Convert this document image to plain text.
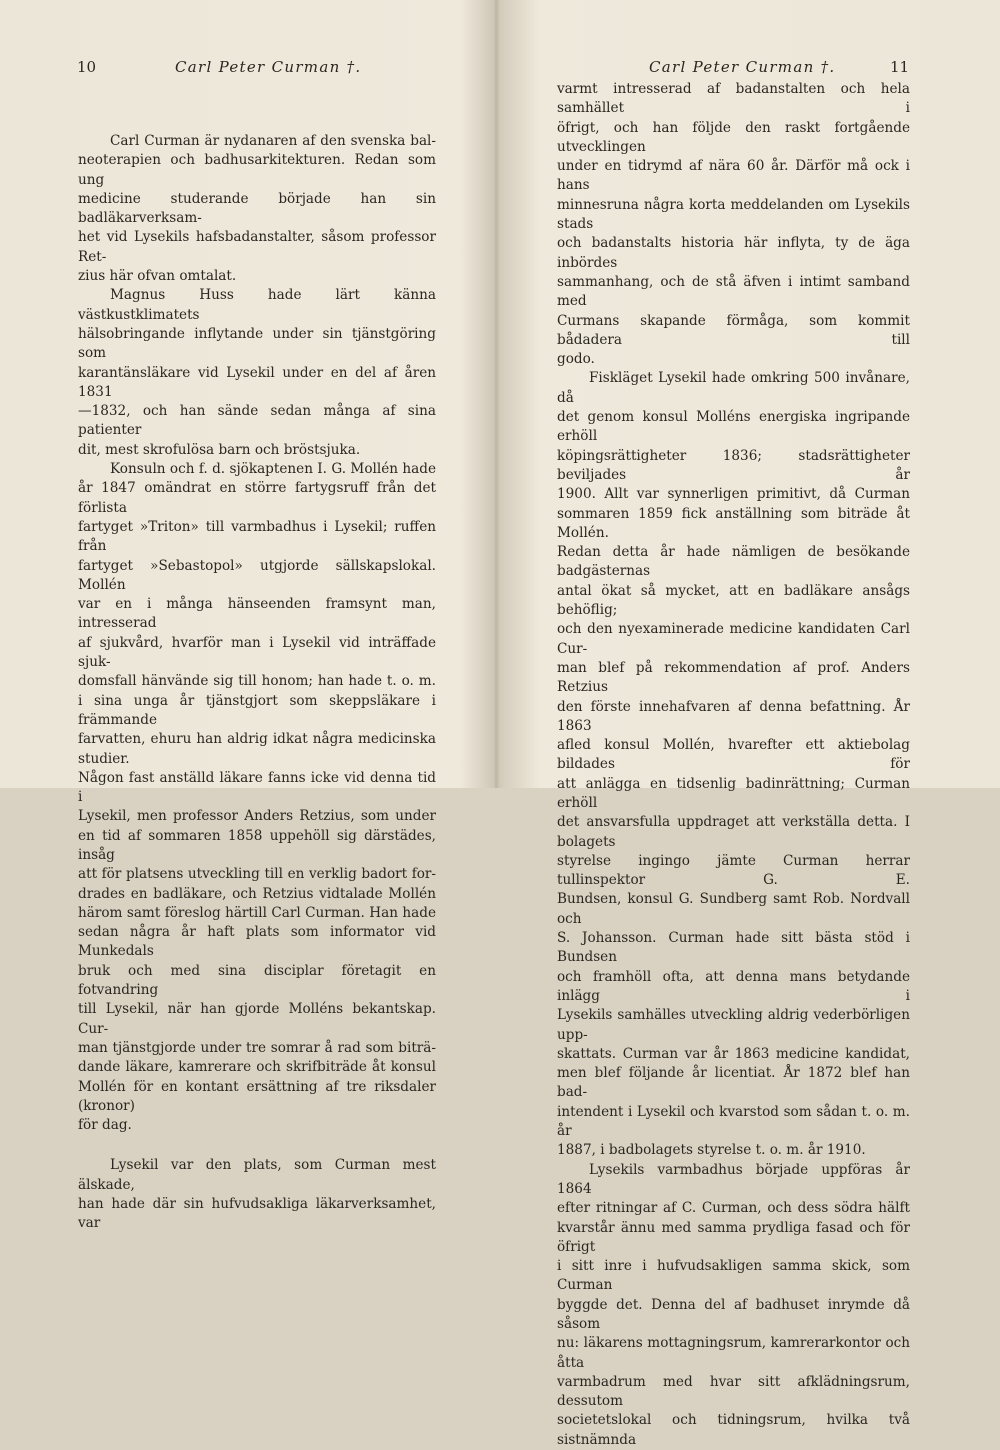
10	Carl Peter Curman †.
Carl Curman är nydanaren af den svenska bal-
neoterapien och badhusarkitekturen. Redan som ung
medicine studerande började han sin badläkarverksam-
het vid Lysekils hafsbadanstalter, såsom professor Ret-
zius här ofvan omtalat.
Magnus Huss hade lärt känna västkustklimatets
hälsobringande inflytande under sin tjänstgöring som
karantänsläkare vid Lysekil under en del af åren 1831
—1832, och han sände sedan många af sina patienter
dit, mest skrofulösa barn och bröstsjuka.
Konsuln och f. d. sjökaptenen I. G. Mollén hade
år 1847 omändrat en större fartygsruff från det förlista
fartyget »Triton» till varmbadhus i Lysekil; ruffen från
fartyget »Sebastopol» utgjorde sällskapslokal. Mollén
var en i många hänseenden framsynt man, intresserad
af sjukvård, hvarför man i Lysekil vid inträffade sjuk-
domsfall hänvände sig till honom; han hade t. o. m.
i sina unga år tjänstgjort som skeppsläkare i främmande
farvatten, ehuru han aldrig idkat några medicinska studier.
Någon fast anställd läkare fanns icke vid denna tid i
Lysekil, men professor Anders Retzius, som under
en tid af sommaren 1858 uppehöll sig därstädes, insåg
att för platsens utveckling till en verklig badort for-
drades en badläkare, och Retzius vidtalade Mollén
härom samt föreslog härtill Carl Curman. Han hade
sedan några år haft plats som informator vid Munkedals
bruk och med sina disciplar företagit en fotvandring
till Lysekil, när han gjorde Molléns bekantskap. Cur-
man tjänstgjorde under tre somrar å rad som biträ-
dande läkare, kamrerare och skrifbiträde åt konsul
Mollén för en kontant ersättning af tre riksdaler (kronor)
för dag.
Lysekil var den plats, som Curman mest älskade,
han hade där sin hufvudsakliga läkarverksamhet, var
Carl Peter Curman †.	11
varmt intresserad af badanstalten och hela samhället i
öfrigt, och han följde den raskt fortgående utvecklingen
under en tidrymd af nära 60 år. Därför må ock i hans
minnesruna några korta meddelanden om Lysekils stads
och badanstalts historia här inflyta, ty de äga inbördes
sammanhang, och de stå äfven i intimt samband med
Curmans skapande förmåga, som kommit bådadera till
godo.
Fiskläget Lysekil hade omkring 500 invånare, då
det genom konsul Molléns energiska ingripande erhöll
köpingsrättigheter 1836; stadsrättigheter beviljades år
1900. Allt var synnerligen primitivt, då Curman
sommaren 1859 fick anställning som biträde åt Mollén.
Redan detta år hade nämligen de besökande badgästernas
antal ökat så mycket, att en badläkare ansågs behöflig;
och den nyexaminerade medicine kandidaten Carl Cur-
man blef på rekommendation af prof. Anders Retzius
den förste innehafvaren af denna befattning. År 1863
afled konsul Mollén, hvarefter ett aktiebolag bildades för
att anlägga en tidsenlig badinrättning; Curman erhöll
det ansvarsfulla uppdraget att verkställa detta. I bolagets
styrelse ingingo jämte Curman herrar tullinspektor G. E.
Bundsen, konsul G. Sundberg samt Rob. Nordvall och
S. Johansson. Curman hade sitt bästa stöd i Bundsen
och framhöll ofta, att denna mans betydande inlägg i
Lysekils samhälles utveckling aldrig vederbörligen upp-
skattats. Curman var år 1863 medicine kandidat,
men blef följande år licentiat. År 1872 blef han bad-
intendent i Lysekil och kvarstod som sådan t. o. m. år
1887, i badbolagets styrelse t. o. m. år 1910.
Lysekils varmbadhus började uppföras år 1864
efter ritningar af C. Curman, och dess södra hälft
kvarstår ännu med samma prydliga fasad och för öfrigt
i sitt inre i hufvudsakligen samma skick, som Curman
byggde det. Denna del af badhuset inrymde då såsom
nu: läkarens mottagningsrum, kamrerarkontor och åtta
varmbadrum med hvar sitt afklädningsrum, dessutom
societetslokal och tidningsrum, hvilka två sistnämnda
